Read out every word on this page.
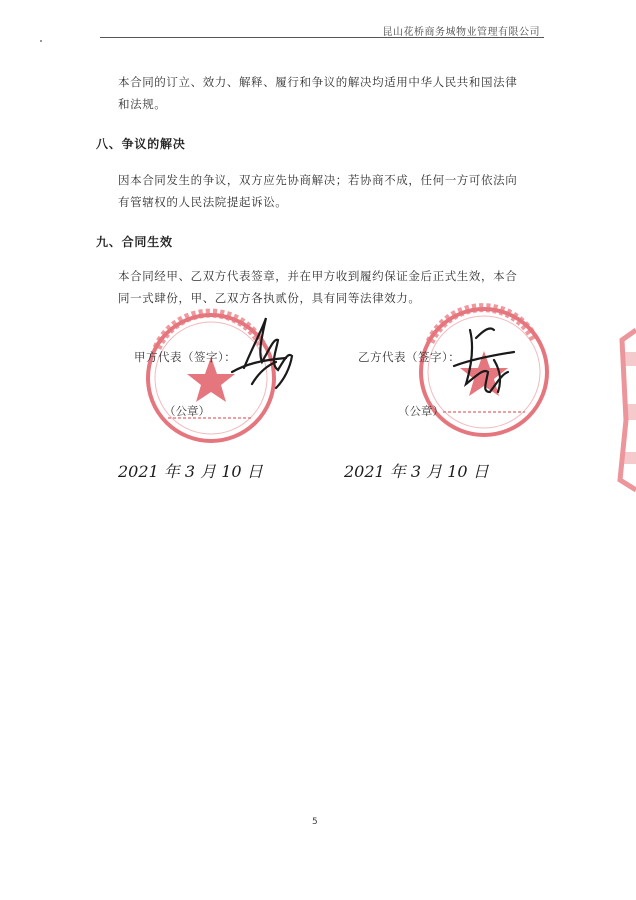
昆山花桥商务城物业管理有限公司
本合同的订立、效力、解释、履行和争议的解决均适用中华人民共和国法律
和法规。
八、争议的解决
因本合同发生的争议，双方应先协商解决；若协商不成，任何一方可依法向
有管辖权的人民法院提起诉讼。
九、合同生效
本合同经甲、乙双方代表签章，并在甲方收到履约保证金后正式生效，本合
同一式肆份，甲、乙双方各执贰份，具有同等法律效力。
甲方代表（签字）：
（公章）
2021 年 3 月 10 日
乙方代表（签字）：
（公章）
2021 年 3 月 10 日
5
